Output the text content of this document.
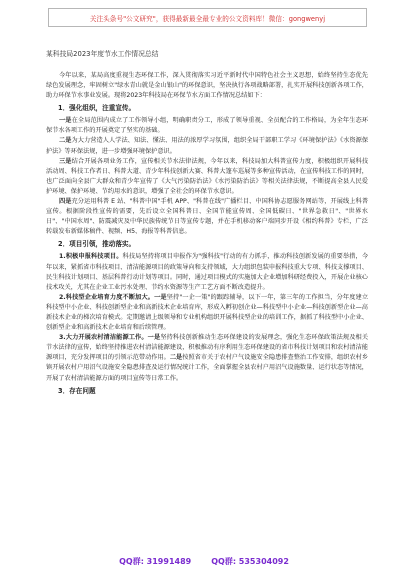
关注头条号"公文研究"，获得最新最全最专业的公文资料库！微信：gongwenyj
某科技局2023年度节水工作情况总结

今年以来，某局高度重视生态环保工作，深入贯彻落实习近平新时代中国特色社会主义思想，始终坚持生态优先绿色发展理念，牢固树立"绿水青山就是金山银山"的环保意识，坚决执行各项战略部署，扎实开展科技创新各项工作，助力环保节水事业发展。现将2023年科技局在环保节水方面工作情况总结如下：

1．强化组织，注重宣传。

一是在全局范围内成立了工作领导小组，明确职责分工，形成了领导重视、全员配合的工作格局，为全年生态环保节水各项工作的开展奠定了坚实的基础。

二是为大力营造人人学法、知法、懂法、用法的浓厚学习氛围，组织全局干部职工学习《环境保护法》《水资源保护法》等环保法规，进一步增强环境保护意识。

三是结合开展各项业务工作，宣传相关节水法律法规，今年以来，科技局加大科普宣传力度，积极组织开展科技活动周、科技工作者日、科普大道、青少年科技创新大赛、科普大篷车巡展等多种宣传活动，在宣传科技工作的同时，也广泛面向全县广大群众和青少年宣传了《大气污染防治法》《水污染防治法》等相关法律法规，不断提高全县人民爱护环境、保护环境、节约用水的意识，增强了全社会的环保节水意识。

四是充分运用科普 E 站、"科普中国"手机 APP、"科普在线"广播栏目、中国科协志愿服务网站等，开展线上科普宣传。根据阶段性宣传的需要，先后设立全国科普日、全国节能宣传周、全国低碳日、"世界急救日"、"世界水日"、"中国水周"、防震减灾及中华民族传统节日等宣传专题，并在手机移动客户端同步开设《相约科普》专栏，广泛转载发布新媒体稿件、视频、H5、海报等科普信息。

2．项目引领，推动落实。

1.积极申报科技项目。科技局坚持将项目申报作为"强科技"行动的有力抓手，推动科技创新发展的重要举措，今年以来，紧抓省市科技项目、清洁能源项目的政策导向和支持领域，大力组织包装申报科技重大专项、科技支撑项目、民生科技计划项目、基层科普行动计划等项目。同时，通过项目模式的实施加大企业增加科研经费投入，开展企业核心技术攻关，尤其在企业工业污水处理、节约水资源等生产工艺方面不断改造提升。

2.科技型企业培育力度不断加大。一是坚持"一企一策"的跟踪辅导，以下一年，第三年的工作担当，分年度建立科技型中小企业、科技创新型企业和高新技术企业培育库，形成入孵初创企业—科技型中小企业—科技创新型企业—高新技术企业的梯次培育模式。定期邀请上级领导和专业机构组织开展科技型企业的培训工作，据抓了科技型中小企业、创新型企业和高新技术企业培育和后续管理。

3.大力开展农村清洁能源工作。一是坚持科技创新推动生态环保建设的发展理念，强化生态环保政策法规及相关节水法律的宣传，始终坚持推进农村清洁能源建设，积极推动有序利用生态环保建设的省市科技计划项目和农村清洁能源项目，充分发挥项目的引领示范带动作用。二是按照省市关于农村户气设施安全隐患排查整治工作安排，组织农村乡镇开展农村户用沼气设施安全隐患排查及运行情况统计工作，全面掌握全县农村户用沼气设施数量、运行状态等情况，开展了农村清洁能源方面的项目宣传等日常工作。

3．存在问题
QQ群: 31991489	QQ群: 535304092
